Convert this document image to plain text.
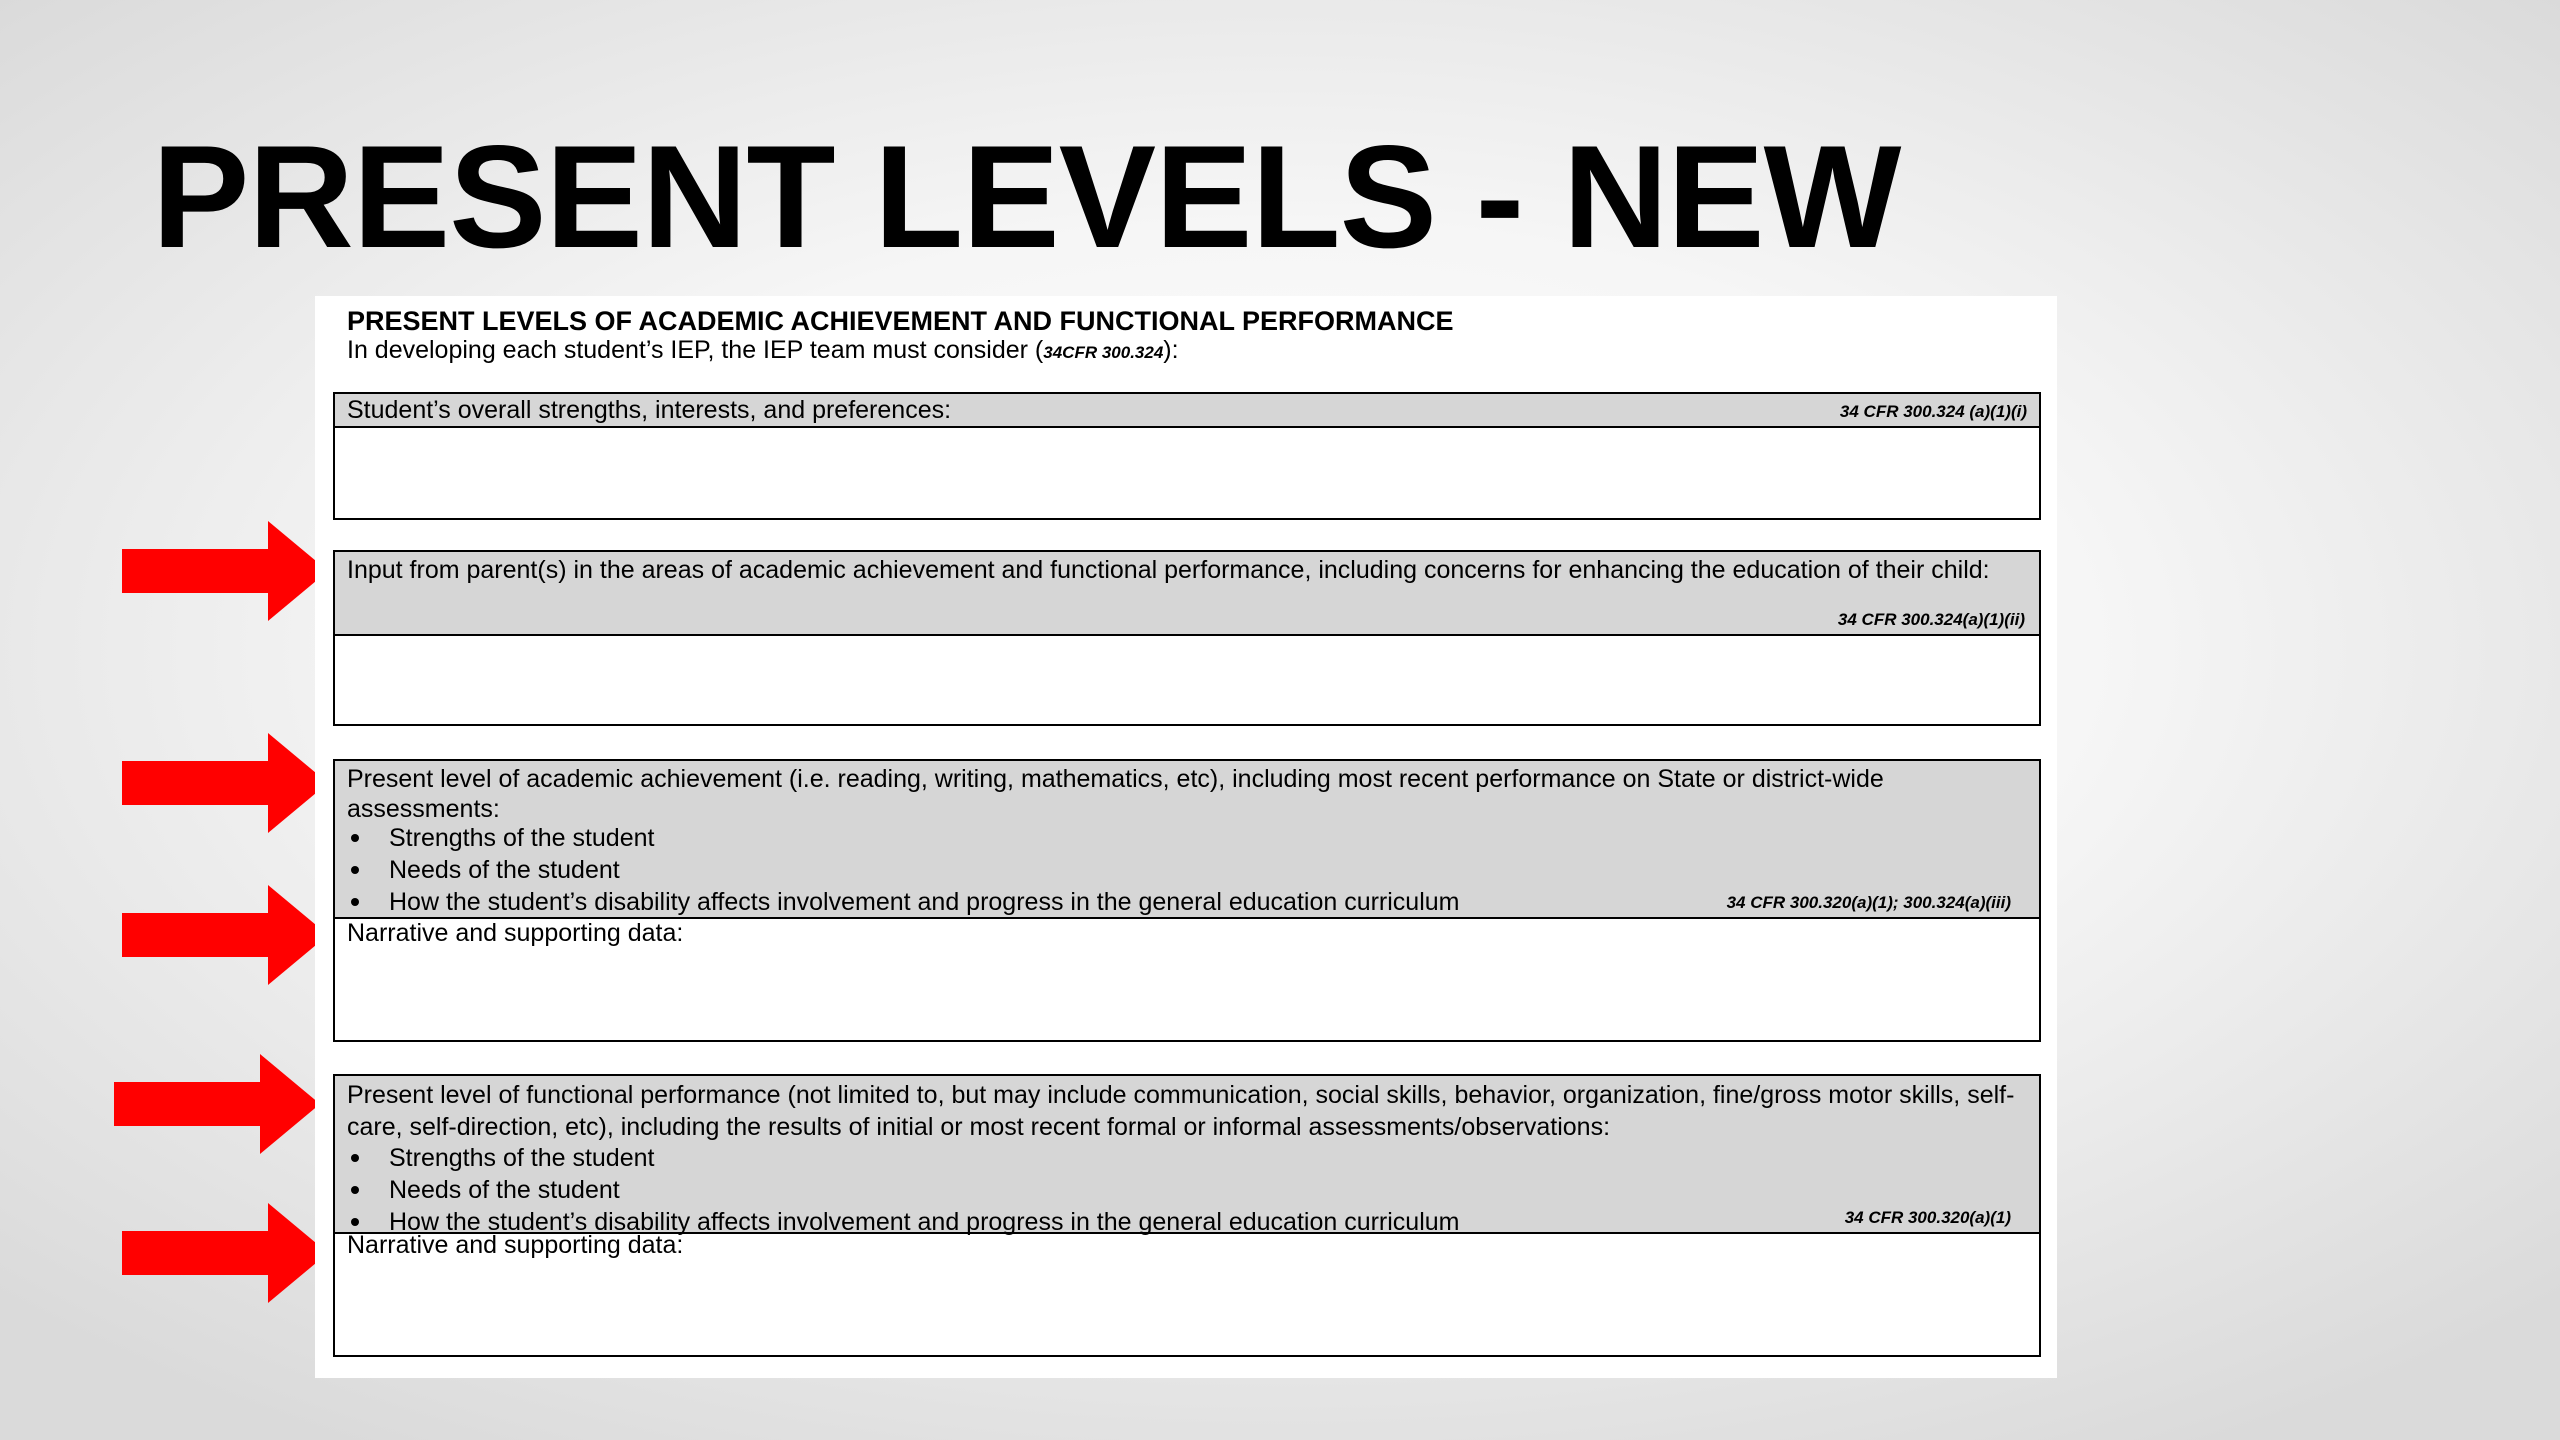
PRESENT LEVELS - NEW
PRESENT LEVELS OF ACADEMIC ACHIEVEMENT AND FUNCTIONAL PERFORMANCE
In developing each student’s IEP, the IEP team must consider (34CFR 300.324):
Student’s overall strengths, interests, and preferences:	34 CFR 300.324 (a)(1)(i)
Input from parent(s) in the areas of academic achievement and functional performance, including concerns for enhancing the education of their child:
34 CFR 300.324(a)(1)(ii)
Present level of academic achievement (i.e. reading, writing, mathematics, etc), including most recent performance on State or district-wide assessments:
Strengths of the student
Needs of the student
How the student’s disability affects involvement and progress in the general education curriculum	34 CFR 300.320(a)(1); 300.324(a)(iii)
Narrative and supporting data:
Present level of functional performance (not limited to, but may include communication, social skills, behavior, organization, fine/gross motor skills, self-care, self-direction, etc), including the results of initial or most recent formal or informal assessments/observations:
Strengths of the student
Needs of the student
How the student’s disability affects involvement and progress in the general education curriculum	34 CFR 300.320(a)(1)
Narrative and supporting data:
